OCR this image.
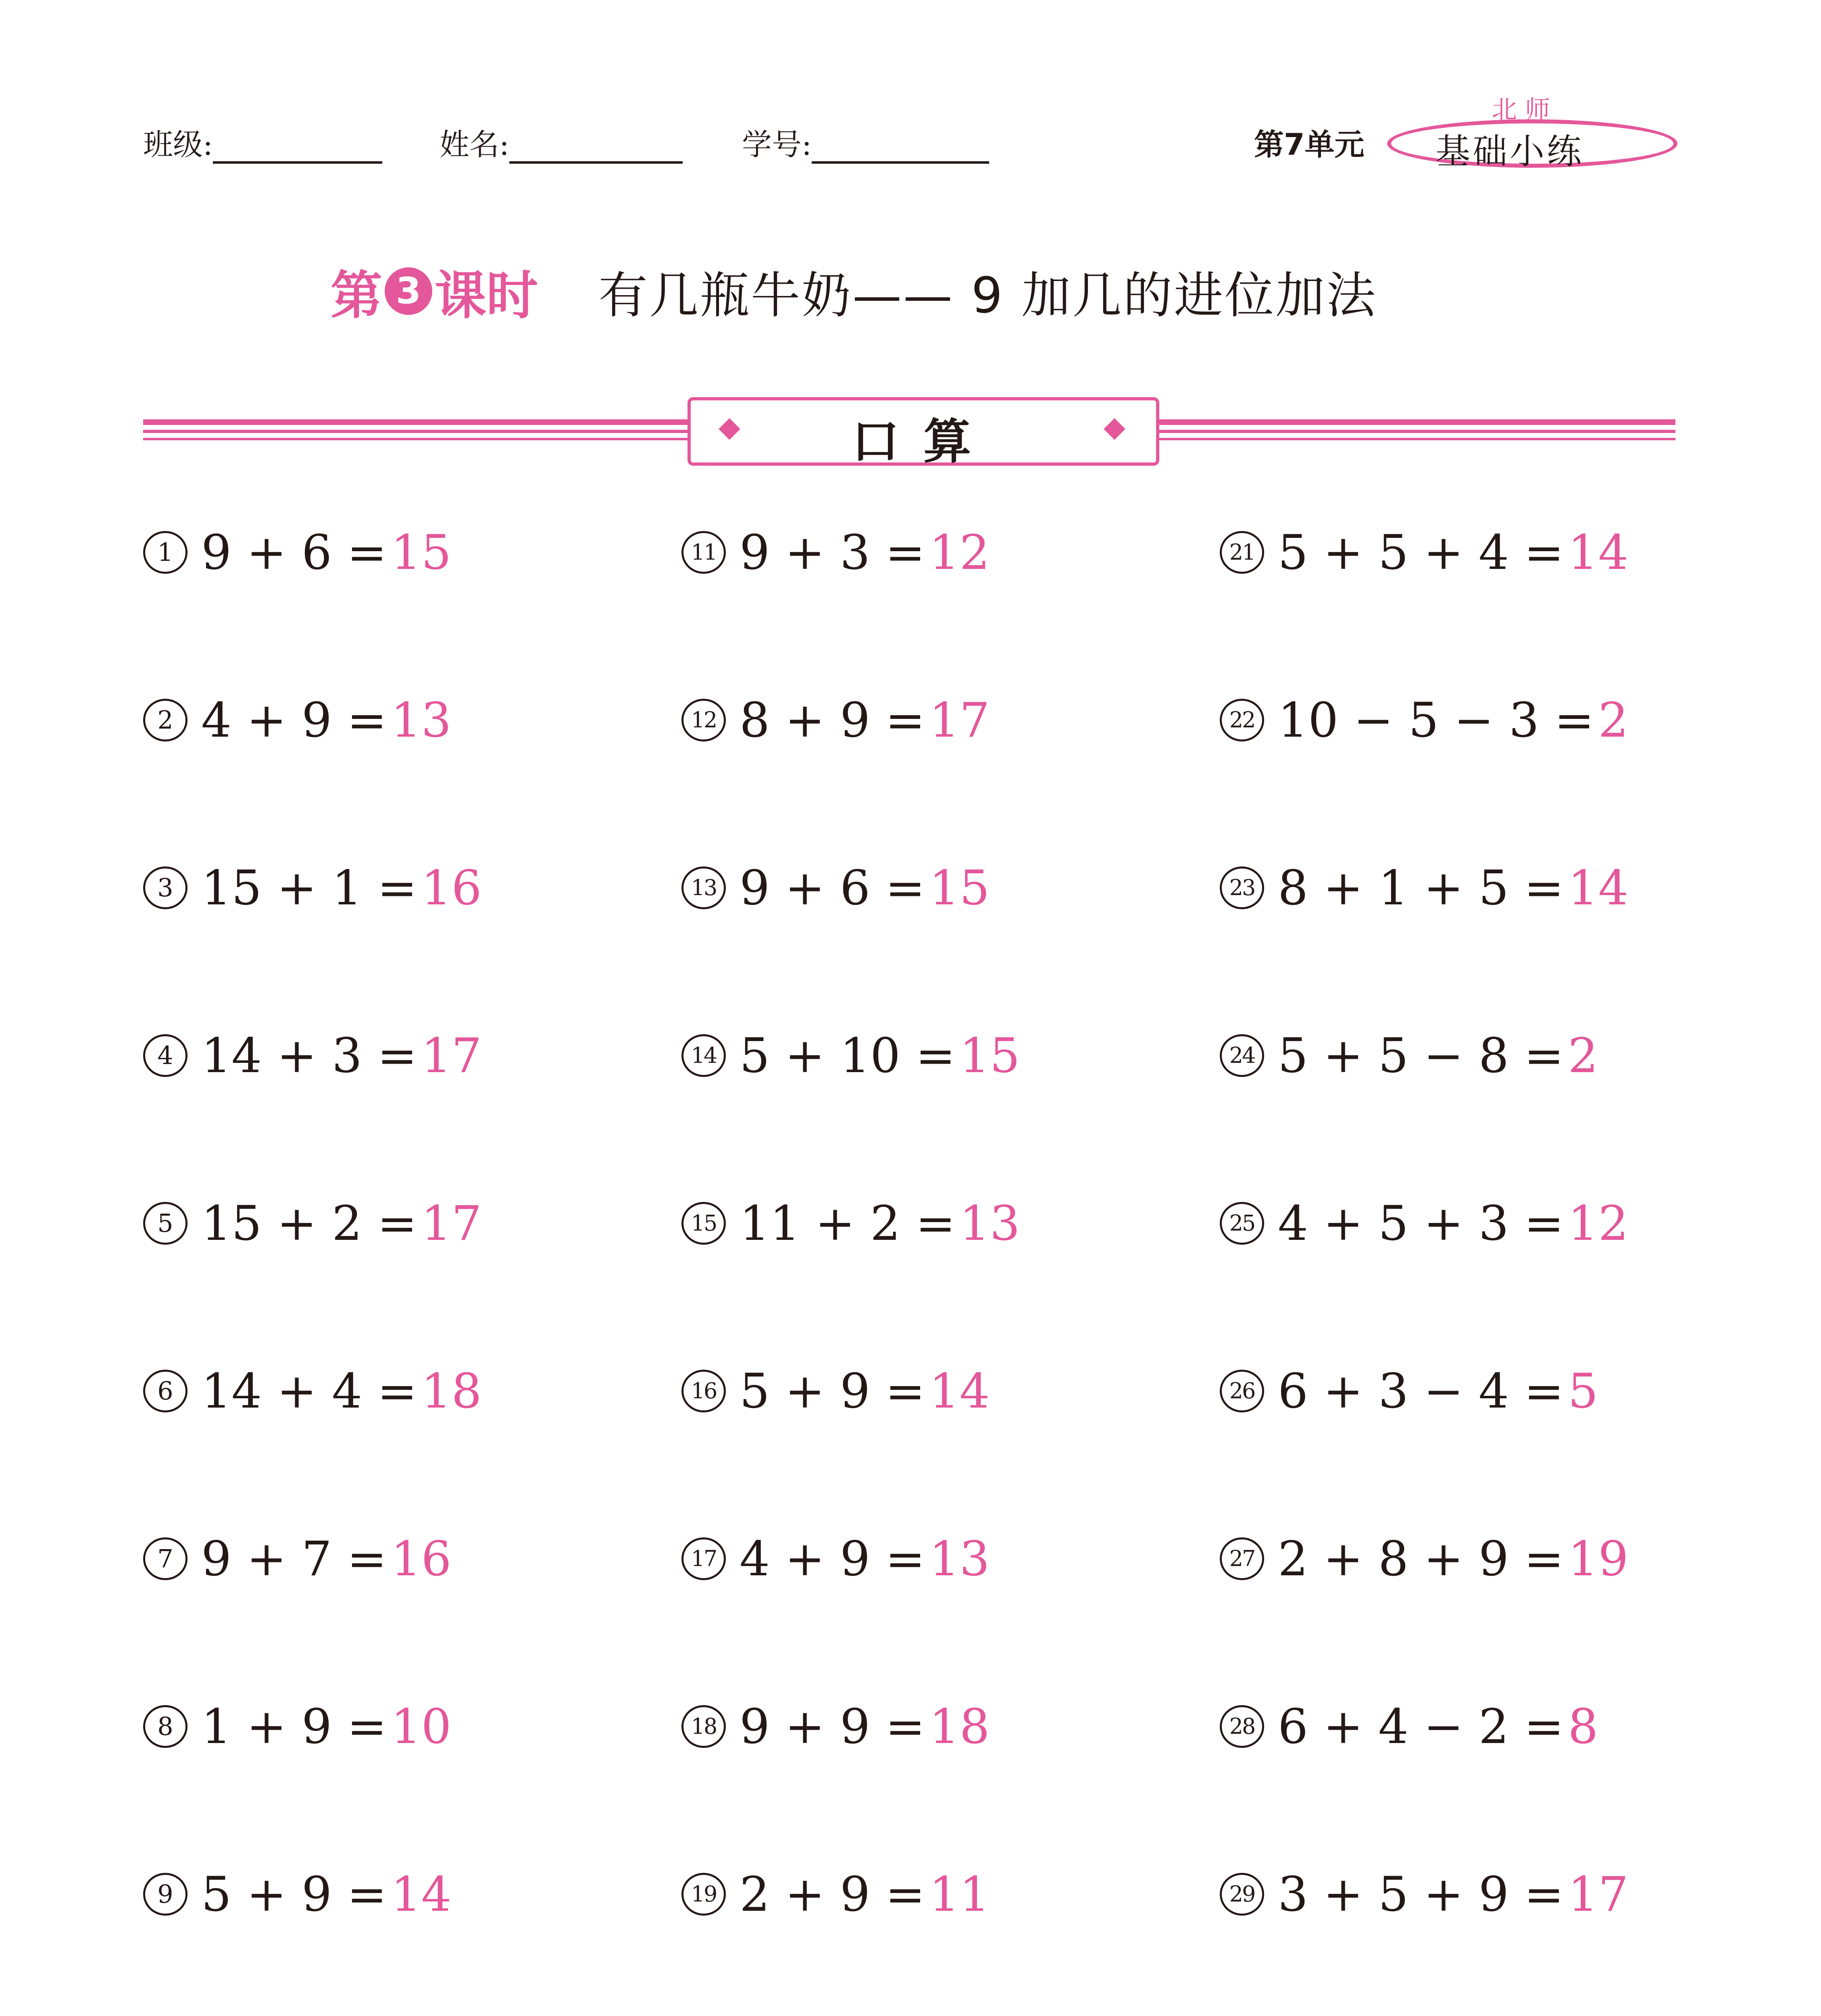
班级:	姓名:	学号:	第7单元
北师
基础小练
第 3 课时 有几瓶牛奶—— 9 加几的进位加法
口算
1 9 + 6 = 15
2 4 + 9 = 13
3 15 + 1 = 16
4 14 + 3 = 17
5 15 + 2 = 17
6 14 + 4 = 18
7 9 + 7 = 16
8 1 + 9 = 10
9 5 + 9 = 14
11 9 + 3 = 12
12 8 + 9 = 17
13 9 + 6 = 15
14 5 + 10 = 15
15 11 + 2 = 13
16 5 + 9 = 14
17 4 + 9 = 13
18 9 + 9 = 18
19 2 + 9 = 11
21 5 + 5 + 4 = 14
22 10 − 5 − 3 = 2
23 8 + 1 + 5 = 14
24 5 + 5 − 8 = 2
25 4 + 5 + 3 = 12
26 6 + 3 − 4 = 5
27 2 + 8 + 9 = 19
28 6 + 4 − 2 = 8
29 3 + 5 + 9 = 17
